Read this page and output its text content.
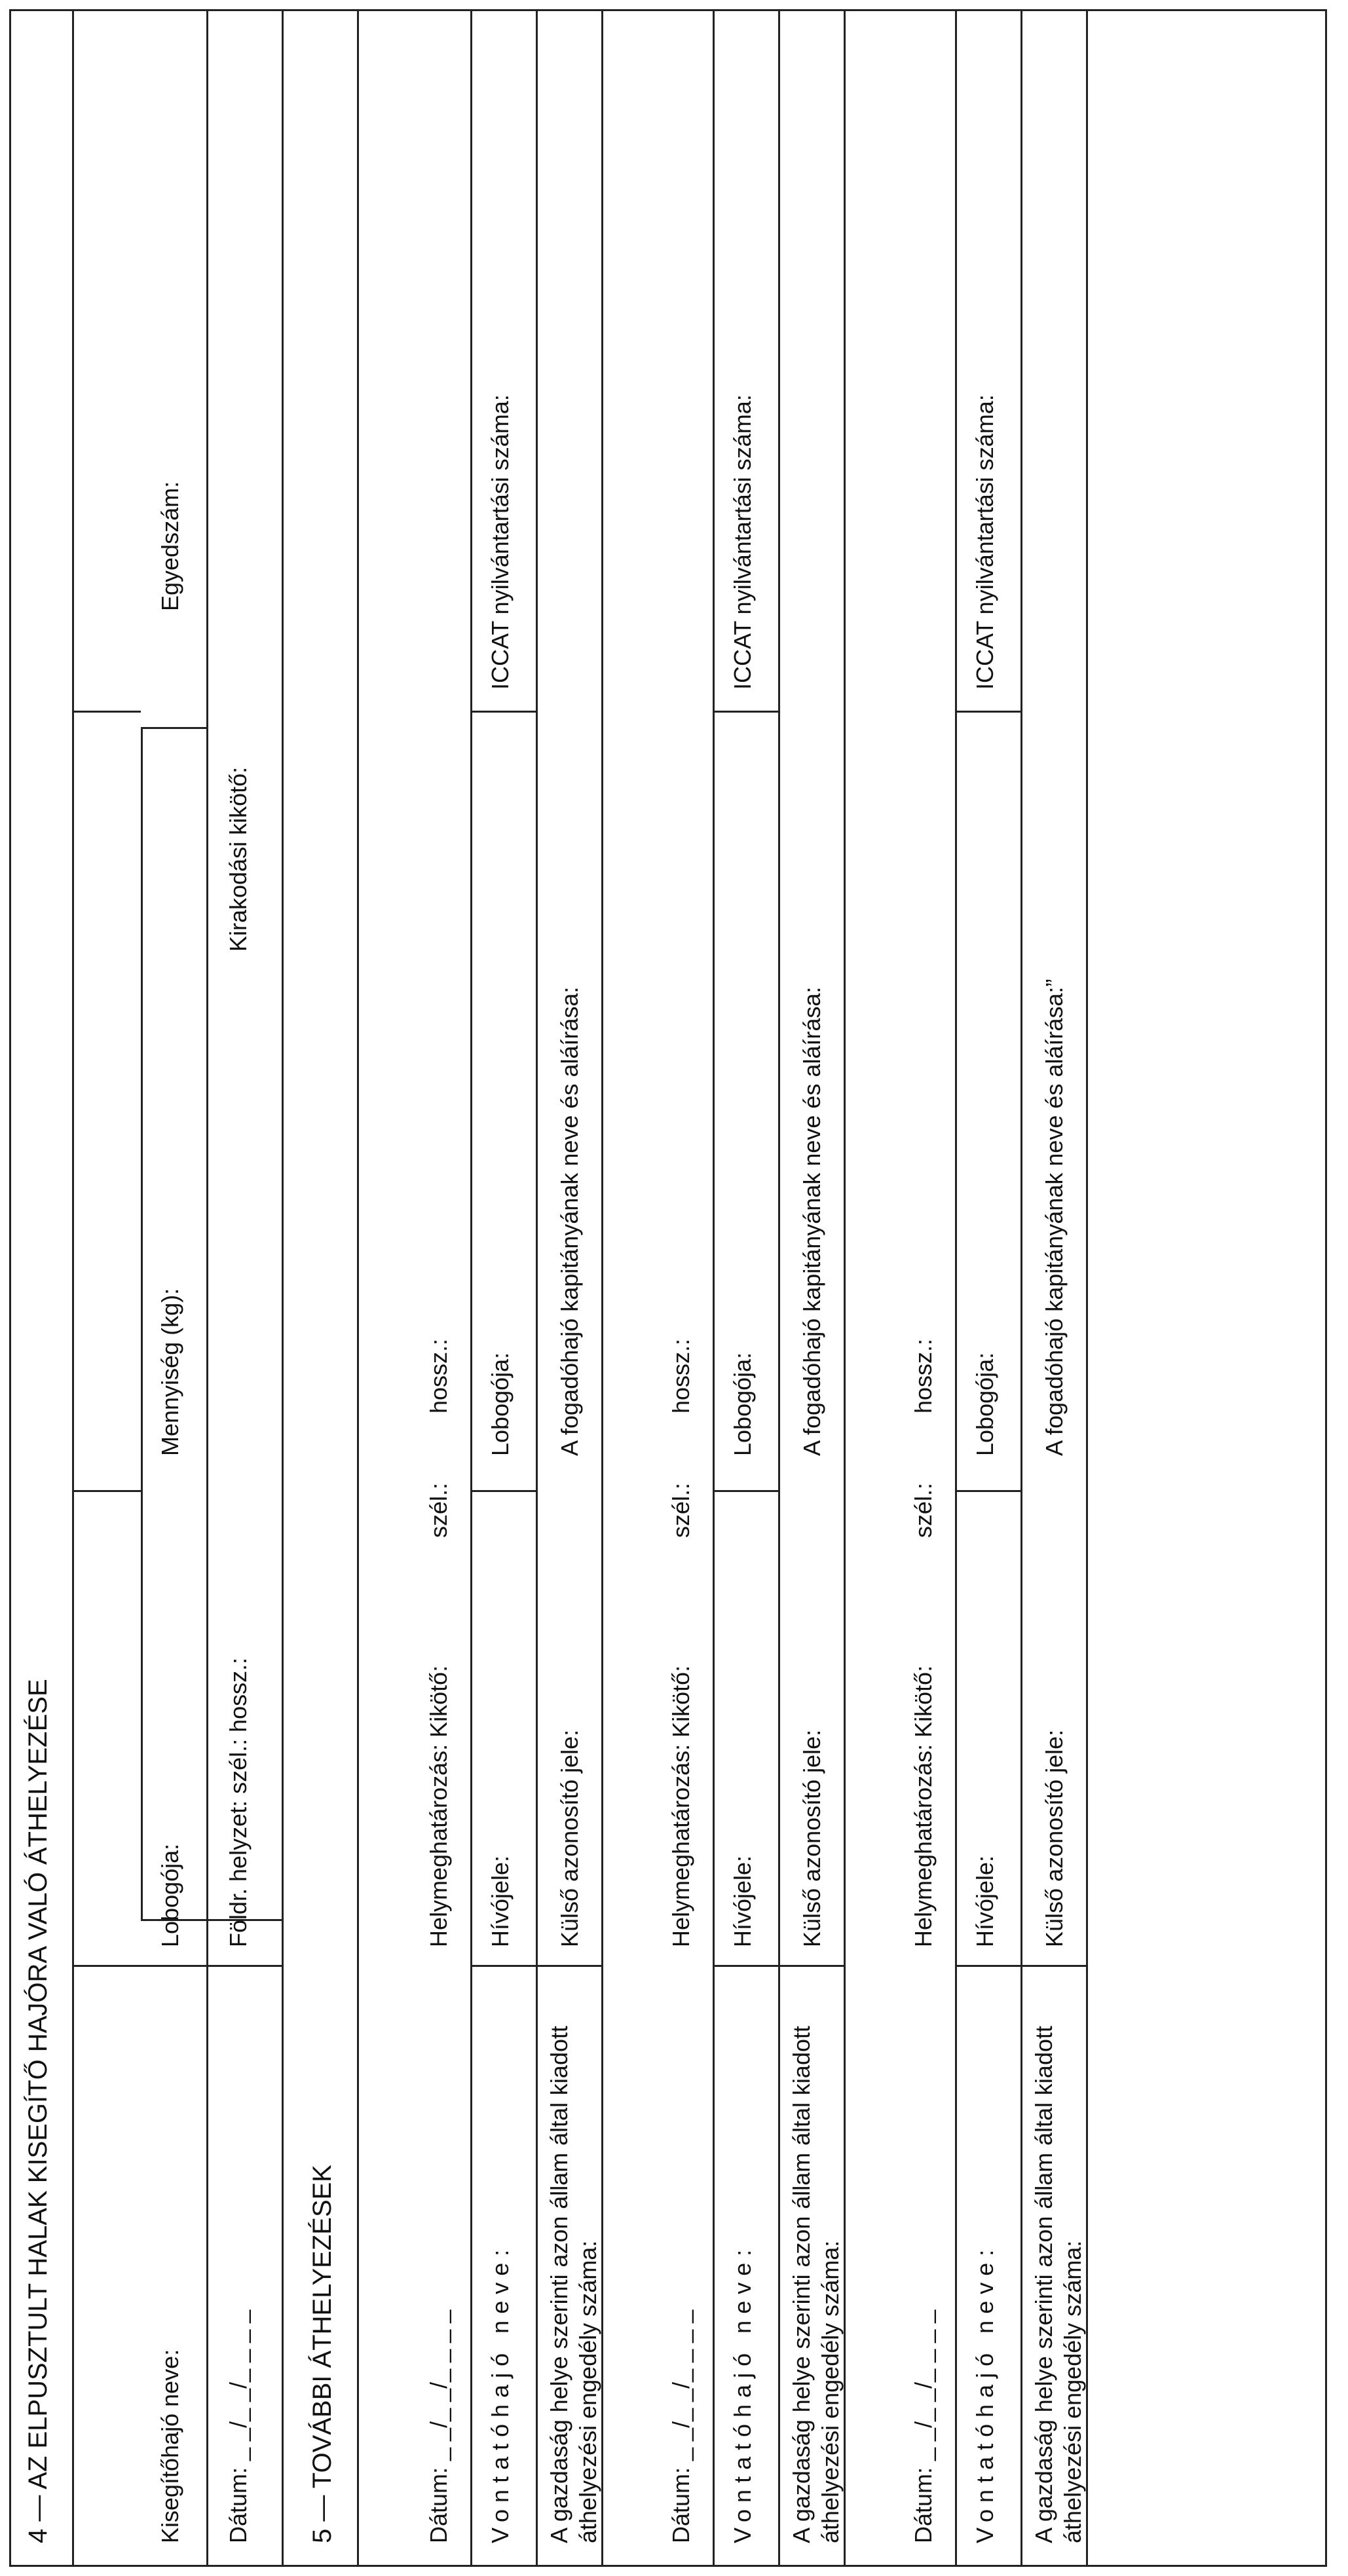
4 — AZ ELPUSZTULT HALAK KISEGÍTŐ HAJÓRA VALÓ ÁTHELYEZÉSE	Kisegítőhajó neve:
Lobogója:
Mennyiség (kg):
Egyedszám:
Dátum: _ _/_ _/_ _ _ _
Földr. helyzet: szél.: hossz.:
Kirakodási kikötő:
5 — TOVÁBBI ÁTHELYEZÉSEK	Dátum: _ _/_ _/_ _ _ _
Helymeghatározás: Kikötő:
szél.:
hossz.:
Vontatóhajó neve:
Hívójele:
Lobogója:
ICCAT nyilvántartási száma:
A gazdaság helye szerinti azon állam által kiadott áthelyezési engedély száma:
Külső azonosító jele:
A fogadóhajó kapitányának neve és aláírása:
Dátum: _ _/_ _/_ _ _ _
Helymeghatározás: Kikötő:
szél.:
hossz.:
Vontatóhajó neve:
Hívójele:
Lobogója:
ICCAT nyilvántartási száma:
A gazdaság helye szerinti azon állam által kiadott áthelyezési engedély száma:
Külső azonosító jele:
A fogadóhajó kapitányának neve és aláírása:
Dátum: _ _/_ _/_ _ _ _
Helymeghatározás: Kikötő:
szél.:
hossz.:
Vontatóhajó neve:
Hívójele:
Lobogója:
ICCAT nyilvántartási száma:
A gazdaság helye szerinti azon állam által kiadott áthelyezési engedély száma:
Külső azonosító jele:
A fogadóhajó kapitányának neve és aláírása:”
